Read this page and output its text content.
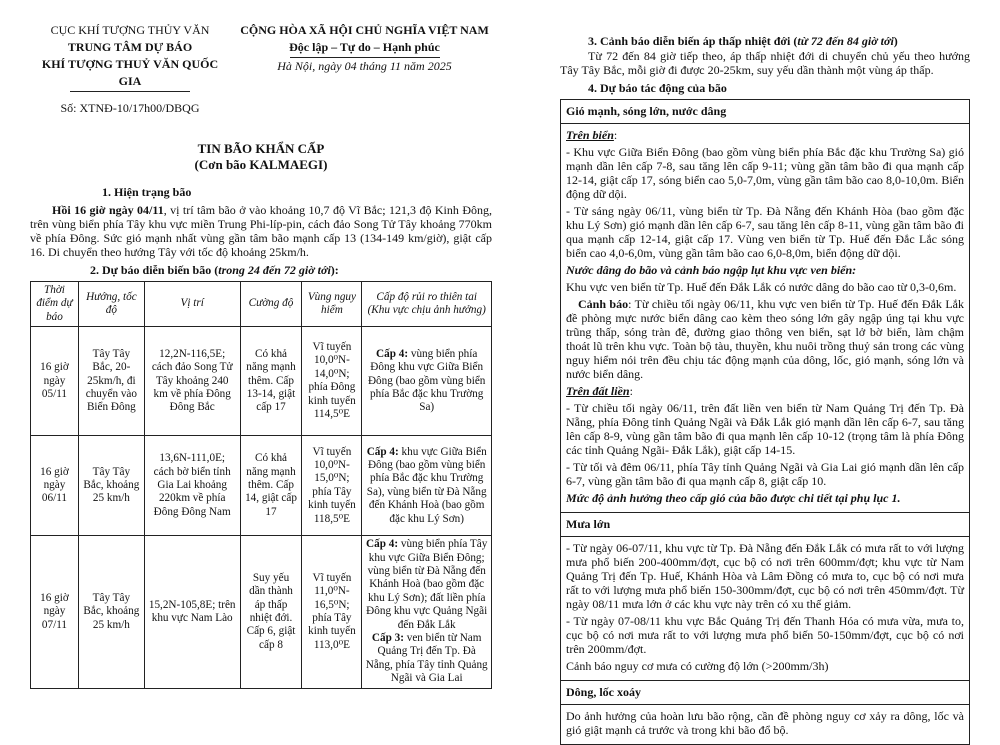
CỤC KHÍ TƯỢNG THỦY VĂN
TRUNG TÂM DỰ BÁO
KHÍ TƯỢNG THUỶ VĂN QUỐC GIA
Số: XTNĐ-10/17h00/DBQG
CỘNG HÒA XÃ HỘI CHỦ NGHĨA VIỆT NAM
Độc lập – Tự do – Hạnh phúc
Hà Nội, ngày 04 tháng 11 năm 2025
TIN BÃO KHẨN CẤP
(Cơn bão KALMAEGI)
1. Hiện trạng bão

Hồi 16 giờ ngày 04/11, vị trí tâm bão ở vào khoảng 10,7 độ Vĩ Bắc; 121,3 độ Kinh Đông, trên vùng biển phía Tây khu vực miền Trung Phi-líp-pin, cách đảo Song Tử Tây khoảng 770km về phía Đông. Sức gió mạnh nhất vùng gần tâm bão mạnh cấp 13 (134-149 km/giờ), giật cấp 16. Di chuyển theo hướng Tây với tốc độ khoảng 25km/h.

2. Dự báo diễn biến bão (trong 24 đến 72 giờ tới):
Thời điểm dự báo	Hướng, tốc độ	Vị trí	Cường độ	Vùng nguy hiểm	Cấp độ rủi ro thiên tai (Khu vực chịu ảnh hưởng)
16 giờ ngày 05/11	Tây Tây Bắc, 20-25km/h, đi chuyển vào Biển Đông	12,2N-116,5E; cách đảo Song Tử Tây khoảng 240 km về phía Đông Đông Bắc	Có khả năng mạnh thêm. Cấp 13-14, giật cấp 17	Vĩ tuyến 10,0⁰N-14,0⁰N; phía Đông kinh tuyến 114,5⁰E	Cấp 4: vùng biển phía Đông khu vực Giữa Biển Đông (bao gồm vùng biển phía Bắc đặc khu Trường Sa)
16 giờ ngày 06/11	Tây Tây Bắc, khoảng 25 km/h	13,6N-111,0E; cách bờ biển tỉnh Gia Lai khoảng 220km về phía Đông Đông Nam	Có khả năng mạnh thêm. Cấp 14, giật cấp 17	Vĩ tuyến 10,0⁰N-15,0⁰N; phía Tây kinh tuyến 118,5⁰E	Cấp 4: khu vực Giữa Biển Đông (bao gồm vùng biển phía Bắc đặc khu Trường Sa), vùng biển từ Đà Nẵng đến Khánh Hoà (bao gồm đặc khu Lý Sơn)
16 giờ ngày 07/11	Tây Tây Bắc, khoảng 25 km/h	15,2N-105,8E; trên khu vực Nam Lào	Suy yếu dần thành áp thấp nhiệt đới. Cấp 6, giật cấp 8	Vĩ tuyến 11,0⁰N-16,5⁰N; phía Tây kinh tuyến 113,0⁰E	Cấp 4: vùng biển phía Tây khu vực Giữa Biển Đông; vùng biển từ Đà Nẵng đến Khánh Hoà (bao gồm đặc khu Lý Sơn); đất liền phía Đông khu vực Quảng Ngãi đến Đắk Lắk
Cấp 3: ven biển từ Nam Quảng Trị đến Tp. Đà Nẵng, phía Tây tỉnh Quảng Ngãi và Gia Lai
3. Cảnh báo diễn biến áp thấp nhiệt đới (từ 72 đến 84 giờ tới)

Từ 72 đến 84 giờ tiếp theo, áp thấp nhiệt đới di chuyển chủ yếu theo hướng Tây Tây Bắc, mỗi giờ đi được 20-25km, suy yếu dần thành một vùng áp thấp.

4. Dự báo tác động của bão
Gió mạnh, sóng lớn, nước dâng

Trên biển:

- Khu vực Giữa Biển Đông (bao gồm vùng biển phía Bắc đặc khu Trường Sa) gió mạnh dần lên cấp 7-8, sau tăng lên cấp 9-11; vùng gần tâm bão đi qua mạnh cấp 12-14, giật cấp 17, sóng biển cao 5,0-7,0m, vùng gần tâm bão cao 8,0-10,0m. Biển động dữ dội.

- Từ sáng ngày 06/11, vùng biển từ Tp. Đà Nẵng đến Khánh Hòa (bao gồm đặc khu Lý Sơn) gió mạnh dần lên cấp 6-7, sau tăng lên cấp 8-11, vùng gần tâm bão đi qua mạnh cấp 12-14, giật cấp 17. Vùng ven biển từ Tp. Huế đến Đắc Lắc sóng biển cao 4,0-6,0m, vùng gần tâm bão cao 6,0-8,0m, biển động dữ dội.

Nước dâng do bão và cảnh báo ngập lụt khu vực ven biển:

Khu vực ven biển từ Tp. Huế đến Đắk Lắk có nước dâng do bão cao từ 0,3-0,6m.

Cảnh báo: Từ chiều tối ngày 06/11, khu vực ven biển từ Tp. Huế đến Đắk Lắk đề phòng mực nước biển dâng cao kèm theo sóng lớn gây ngập úng tại khu vực trũng thấp, sóng tràn đê, đường giao thông ven biển, sạt lở bờ biển, làm chậm thoát lũ trên khu vực. Toàn bộ tàu, thuyền, khu nuôi trồng thuỷ sản trong các vùng nguy hiểm nói trên đều chịu tác động mạnh của dông, lốc, gió mạnh, sóng lớn và nước biển dâng.

Trên đất liền:

- Từ chiều tối ngày 06/11, trên đất liền ven biển từ Nam Quảng Trị đến Tp. Đà Nẵng, phía Đông tỉnh Quảng Ngãi và Đắk Lắk gió mạnh dần lên cấp 6-7, sau tăng lên cấp 8-9, vùng gần tâm bão đi qua mạnh lên cấp 10-12 (trọng tâm là phía Đông các tỉnh Quảng Ngãi- Đắk Lắk), giật cấp 14-15.

- Từ tối và đêm 06/11, phía Tây tỉnh Quảng Ngãi và Gia Lai gió mạnh dần lên cấp 6-7, vùng gần tâm bão đi qua mạnh cấp 8, giật cấp 10.

Mức độ ảnh hưởng theo cấp gió của bão được chi tiết tại phụ lục 1.

Mưa lớn

- Từ ngày 06-07/11, khu vực từ Tp. Đà Nẵng đến Đắk Lắk có mưa rất to với lượng mưa phổ biến 200-400mm/đợt, cục bộ có nơi trên 600mm/đợt; khu vực từ Nam Quảng Trị đến Tp. Huế, Khánh Hòa và Lâm Đồng có mưa to, cục bộ có nơi mưa rất to với lượng mưa phổ biến 150-300mm/đợt, cục bộ có nơi trên 450mm/đợt. Từ ngày 08/11 mưa lớn ở các khu vực này trên có xu thế giảm.

- Từ ngày 07-08/11 khu vực Bắc Quảng Trị đến Thanh Hóa có mưa vừa, mưa to, cục bộ có nơi mưa rất to với lượng mưa phổ biến 50-150mm/đợt, cục bộ có nơi trên 200mm/đợt.

Cảnh báo nguy cơ mưa có cường độ lớn (>200mm/3h)

Dông, lốc xoáy

Do ảnh hưởng của hoàn lưu bão rộng, cần đề phòng nguy cơ xảy ra dông, lốc và gió giật mạnh cả trước và trong khi bão đổ bộ.
